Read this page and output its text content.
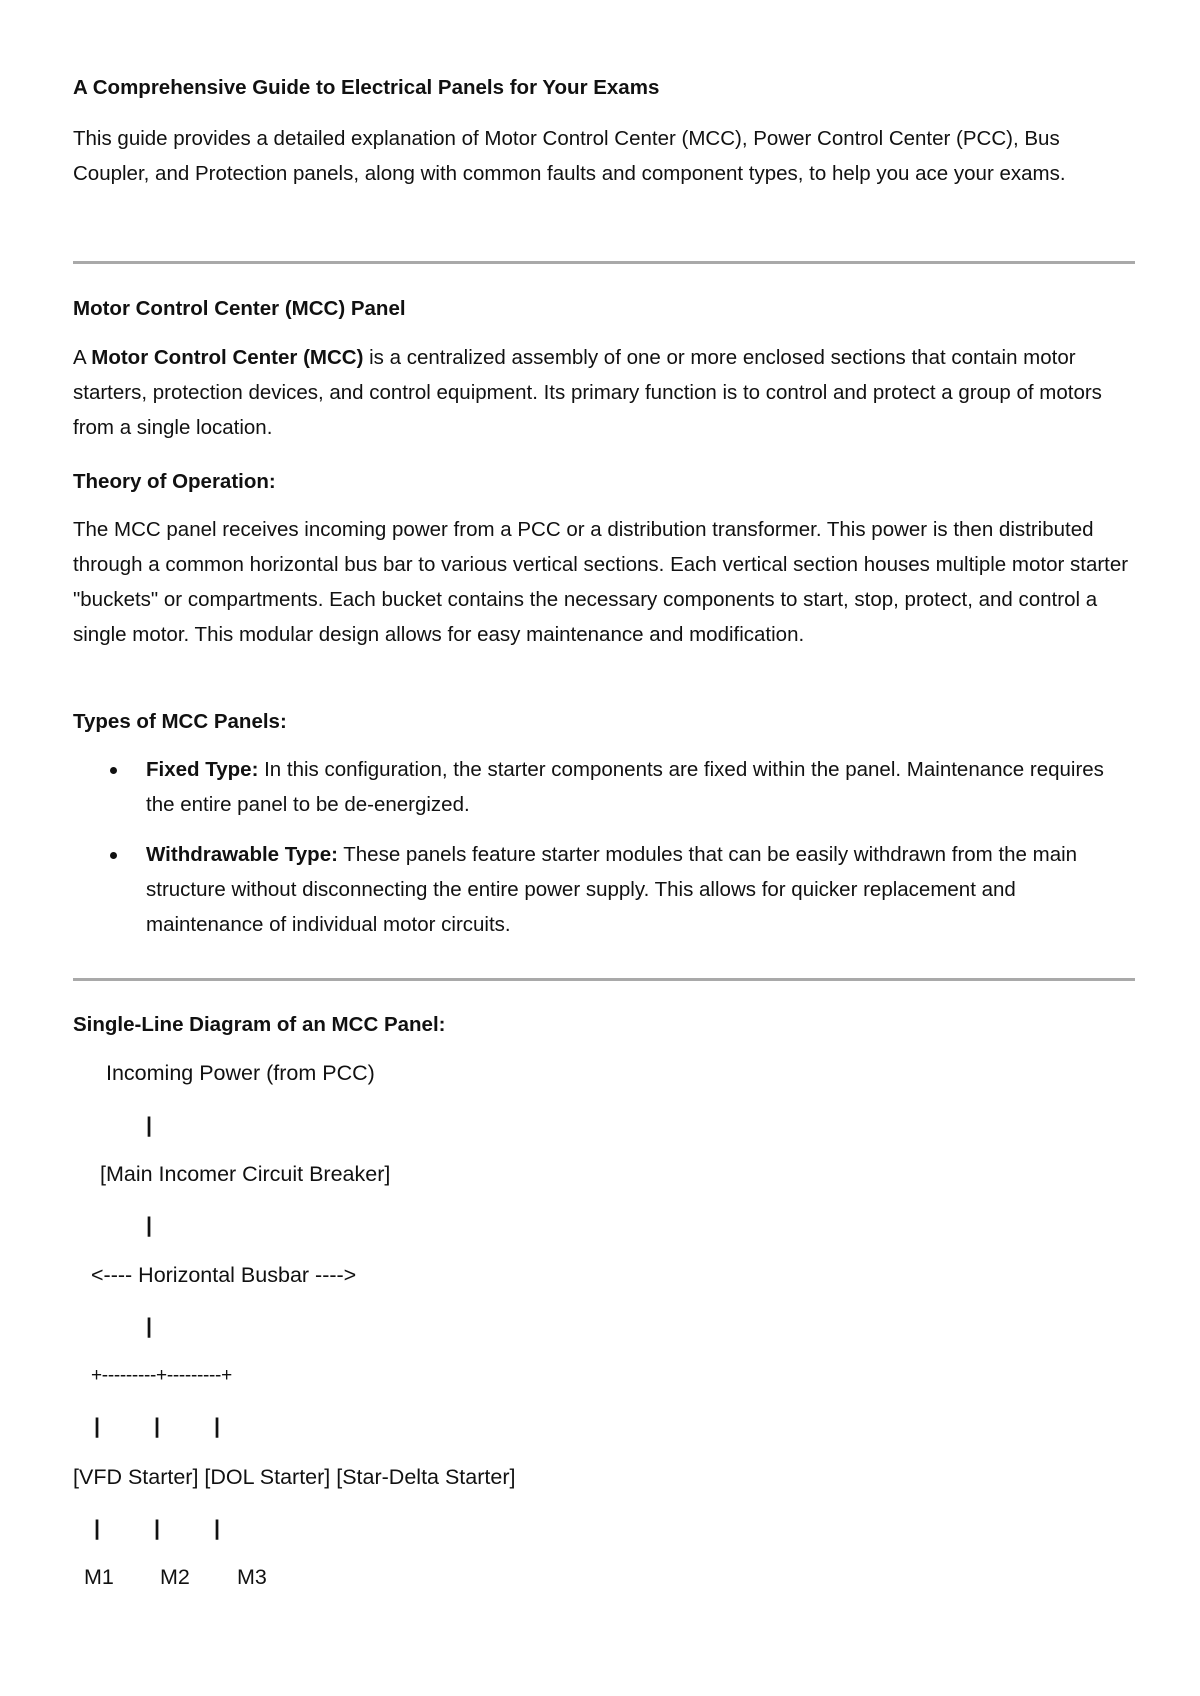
A Comprehensive Guide to Electrical Panels for Your Exams
This guide provides a detailed explanation of Motor Control Center (MCC), Power Control Center (PCC), Bus Coupler, and Protection panels, along with common faults and component types, to help you ace your exams.
Motor Control Center (MCC) Panel
A Motor Control Center (MCC) is a centralized assembly of one or more enclosed sections that contain motor starters, protection devices, and control equipment. Its primary function is to control and protect a group of motors from a single location.
Theory of Operation:
The MCC panel receives incoming power from a PCC or a distribution transformer. This power is then distributed through a common horizontal bus bar to various vertical sections. Each vertical section houses multiple motor starter "buckets" or compartments. Each bucket contains the necessary components to start, stop, protect, and control a single motor. This modular design allows for easy maintenance and modification.
Types of MCC Panels:
Fixed Type: In this configuration, the starter components are fixed within the panel. Maintenance requires the entire panel to be de-energized.
Withdrawable Type: These panels feature starter modules that can be easily withdrawn from the main structure without disconnecting the entire power supply. This allows for quicker replacement and maintenance of individual motor circuits.
Single-Line Diagram of an MCC Panel:
Incoming Power (from PCC)
|
[Main Incomer Circuit Breaker]
|
<---- Horizontal Busbar ---->
|
+---------+---------+
|	|	|
[VFD Starter] [DOL Starter] [Star-Delta Starter]
|	|	|
M1 M2 M3
